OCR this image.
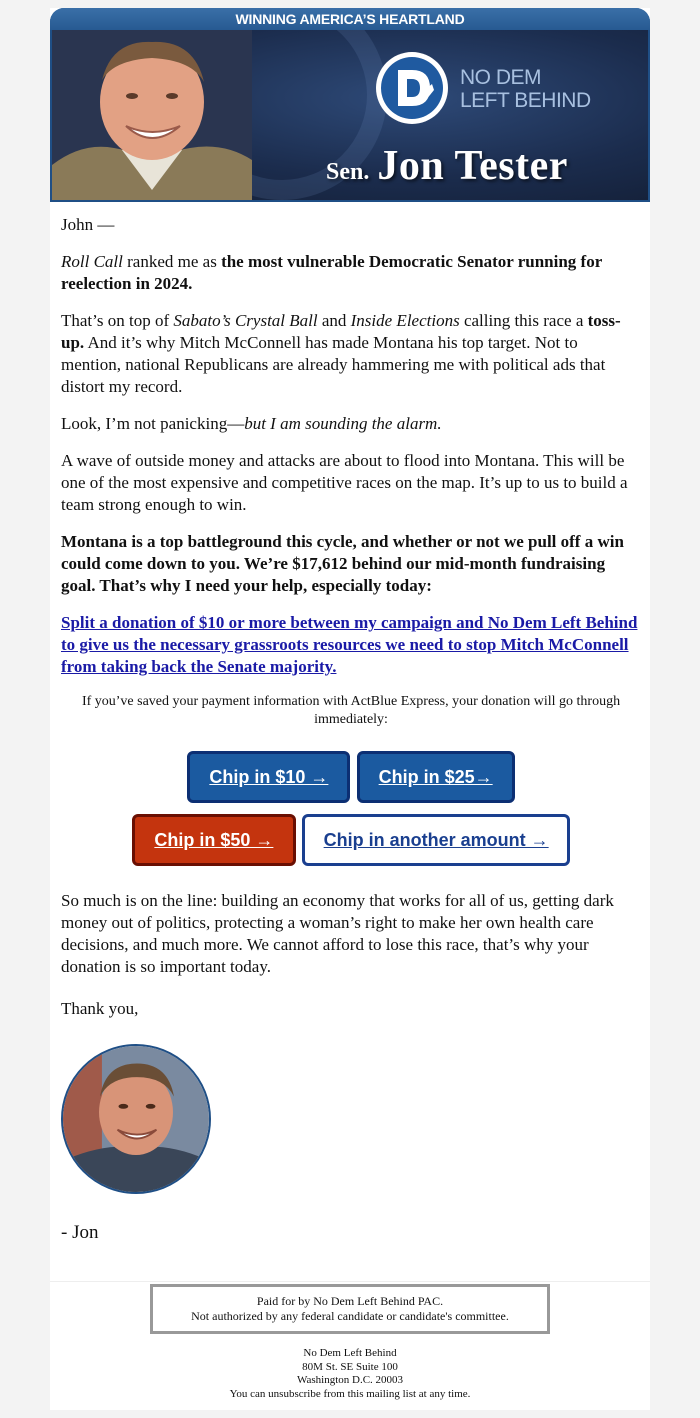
WINNING AMERICA’S HEARTLAND
NO DEM
LEFT BEHIND
Sen. Jon Tester

John —

Roll Call ranked me as the most vulnerable Democratic Senator running for reelection in 2024.

That’s on top of Sabato’s Crystal Ball and Inside Elections calling this race a toss-up. And it’s why Mitch McConnell has made Montana his top target. Not to mention, national Republicans are already hammering me with political ads that distort my record.

Look, I’m not panicking—but I am sounding the alarm.

A wave of outside money and attacks are about to flood into Montana. This will be one of the most expensive and competitive races on the map. It’s up to us to build a team strong enough to win.

Montana is a top battleground this cycle, and whether or not we pull off a win could come down to you. We’re $17,612 behind our mid-month fundraising goal. That’s why I need your help, especially today:

Split a donation of $10 or more between my campaign and No Dem Left Behind to give us the necessary grassroots resources we need to stop Mitch McConnell from taking back the Senate majority.

If you’ve saved your payment information with ActBlue Express, your donation will go through immediately:

Chip in $10 →	Chip in $25→
Chip in $50 →	Chip in another amount →

So much is on the line: building an economy that works for all of us, getting dark money out of politics, protecting a woman’s right to make her own health care decisions, and much more. We cannot afford to lose this race, that’s why your donation is so important today.

Thank you,

- Jon

Paid for by No Dem Left Behind PAC.
Not authorized by any federal candidate or candidate's committee.
No Dem Left Behind
80M St. SE Suite 100
Washington D.C. 20003
You can unsubscribe from this mailing list at any time.
